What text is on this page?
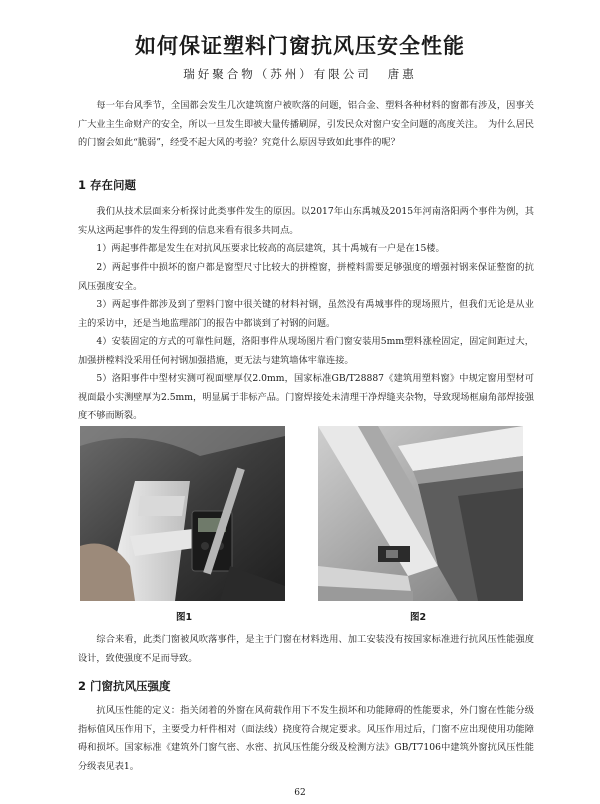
如何保证塑料门窗抗风压安全性能
瑞好聚合物（苏州）有限公司 唐惠

每一年台风季节，全国都会发生几次建筑窗户被吹落的问题，铝合金、塑料各种材料的窗都有涉及，因事关广大业主生命财产的安全，所以一旦发生即被大量传播刷屏，引发民众对窗户安全问题的高度关注。　为什么居民的门窗会如此“脆弱”，经受不起大风的考验？究竟什么原因导致如此事件的呢？

1 存在问题

我们从技术层面来分析探讨此类事件发生的原因。以2017年山东禹城及2015年河南洛阳两个事件为例，其实从这两起事件的发生得到的信息来看有很多共同点。

1）两起事件都是发生在对抗风压要求比较高的高层建筑，其十禹城有一户是在15楼。

2）两起事件中损坏的窗户都是窗型尺寸比较大的拼樘窗，拼樘料需要足够强度的增强衬钢来保证整窗的抗风压强度安全。

3）两起事件都涉及到了塑料门窗中很关键的材料衬钢，虽然没有禹城事件的现场照片，但我们无论是从业主的采访中，还是当地监理部门的报告中都谈到了衬钢的问题。

4）安装固定的方式的可靠性问题，洛阳事件从现场图片看门窗安装用5mm塑料涨栓固定，固定间距过大，加强拼樘料没采用任何衬钢加强措施，更无法与建筑墙体牢靠连接。

5）洛阳事件中型材实测可视面壁厚仅2.0mm，国家标准GB/T28887《建筑用塑料窗》中规定窗用型材可视面最小实测壁厚为2.5mm，明显属于非标产品。门窗焊接处未清理干净焊缝夹杂物，导致现场框扇角部焊接强度不够而断裂。

图1	图2

综合来看，此类门窗被风吹落事件，是主于门窗在材料选用、加工安装没有按国家标准进行抗风压性能强度设计，致使强度不足而导致。

2 门窗抗风压强度

抗风压性能的定义：指关闭着的外窗在风荷载作用下不发生损坏和功能障碍的性能要求，外门窗在性能分级指标值风压作用下，主要受力杆件相对（面法线）挠度符合规定要求。风压作用过后，门窗不应出现使用功能障碍和损坏。国家标准《建筑外门窗气密、水密、抗风压性能分级及检测方法》GB/T7106中建筑外窗抗风压性能分级表见表1。

62
